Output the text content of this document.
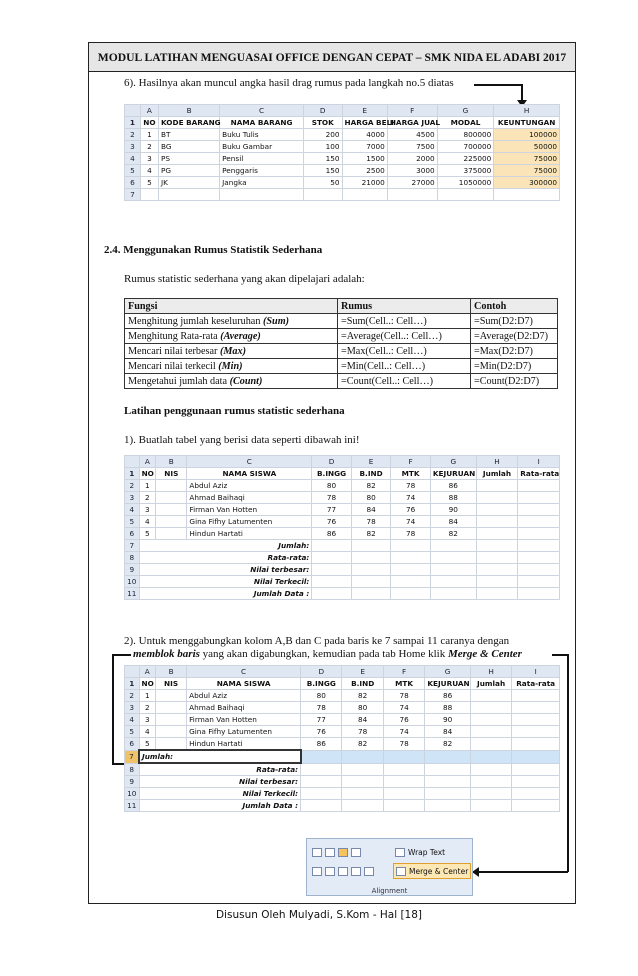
MODUL LATIHAN MENGUASAI OFFICE DENGAN CEPAT – SMK NIDA EL ADABI 2017
6). Hasilnya akan muncul angka hasil drag rumus pada langkah no.5 diatas
	A	B	C	D	E	F	G	H
1	NO	KODE BARANG	NAMA BARANG	STOK	HARGA BELI	HARGA JUAL	MODAL	KEUNTUNGAN
2	1	BT	Buku Tulis	200	4000	4500	800000	100000
3	2	BG	Buku Gambar	100	7000	7500	700000	50000
4	3	PS	Pensil	150	1500	2000	225000	75000
5	4	PG	Penggaris	150	2500	3000	375000	75000
6	5	JK	Jangka	50	21000	27000	1050000	300000
7								
2.4. Menggunakan Rumus Statistik Sederhana
Rumus statistic sederhana yang akan dipelajari adalah:
Fungsi	Rumus	Contoh
Menghitung jumlah keseluruhan (Sum)	=Sum(Cell..: Cell…)	=Sum(D2:D7)
Menghitung Rata-rata (Average)	=Average(Cell..: Cell…)	=Average(D2:D7)
Mencari nilai terbesar (Max)	=Max(Cell..: Cell…)	=Max(D2:D7)
Mencari nilai terkecil (Min)	=Min(Cell..: Cell…)	=Min(D2:D7)
Mengetahui jumlah data (Count)	=Count(Cell..: Cell…)	=Count(D2:D7)
Latihan penggunaan rumus statistic sederhana
1). Buatlah tabel yang berisi data seperti dibawah ini!
	A	B	C	D	E	F	G	H	I
1	NO	NIS	NAMA SISWA	B.INGG	B.IND	MTK	KEJURUAN	Jumlah	Rata-rata
2	1		Abdul Aziz	80	82	78	86		
3	2		Ahmad Baihaqi	78	80	74	88		
4	3		Firman Van Hotten	77	84	76	90		
5	4		Gina Fifhy Latumenten	76	78	74	84		
6	5		Hindun Hartati	86	82	78	82		
7	Jumlah:								
8	Rata-rata:								
9	Nilai terbesar:								
10	Nilai Terkecil:								
11	Jumlah Data :								
2). Untuk menggabungkan kolom A,B dan C pada baris ke 7 sampai 11 caranya dengan
memblok baris yang akan digabungkan, kemudian pada tab Home klik Merge & Center
	A	B	C	D	E	F	G	H	I
1	NO	NIS	NAMA SISWA	B.INGG	B.IND	MTK	KEJURUAN	Jumlah	Rata-rata
2	1		Abdul Aziz	80	82	78	86		
3	2		Ahmad Baihaqi	78	80	74	88		
4	3		Firman Van Hotten	77	84	76	90		
5	4		Gina Fifhy Latumenten	76	78	74	84		
6	5		Hindun Hartati	86	82	78	82		
7	Jumlah:								
8	Rata-rata:								
9	Nilai terbesar:								
10	Nilai Terkecil:								
11	Jumlah Data :								
Wrap Text
Merge & Center
Alignment
Disusun Oleh Mulyadi, S.Kom - Hal [18]
